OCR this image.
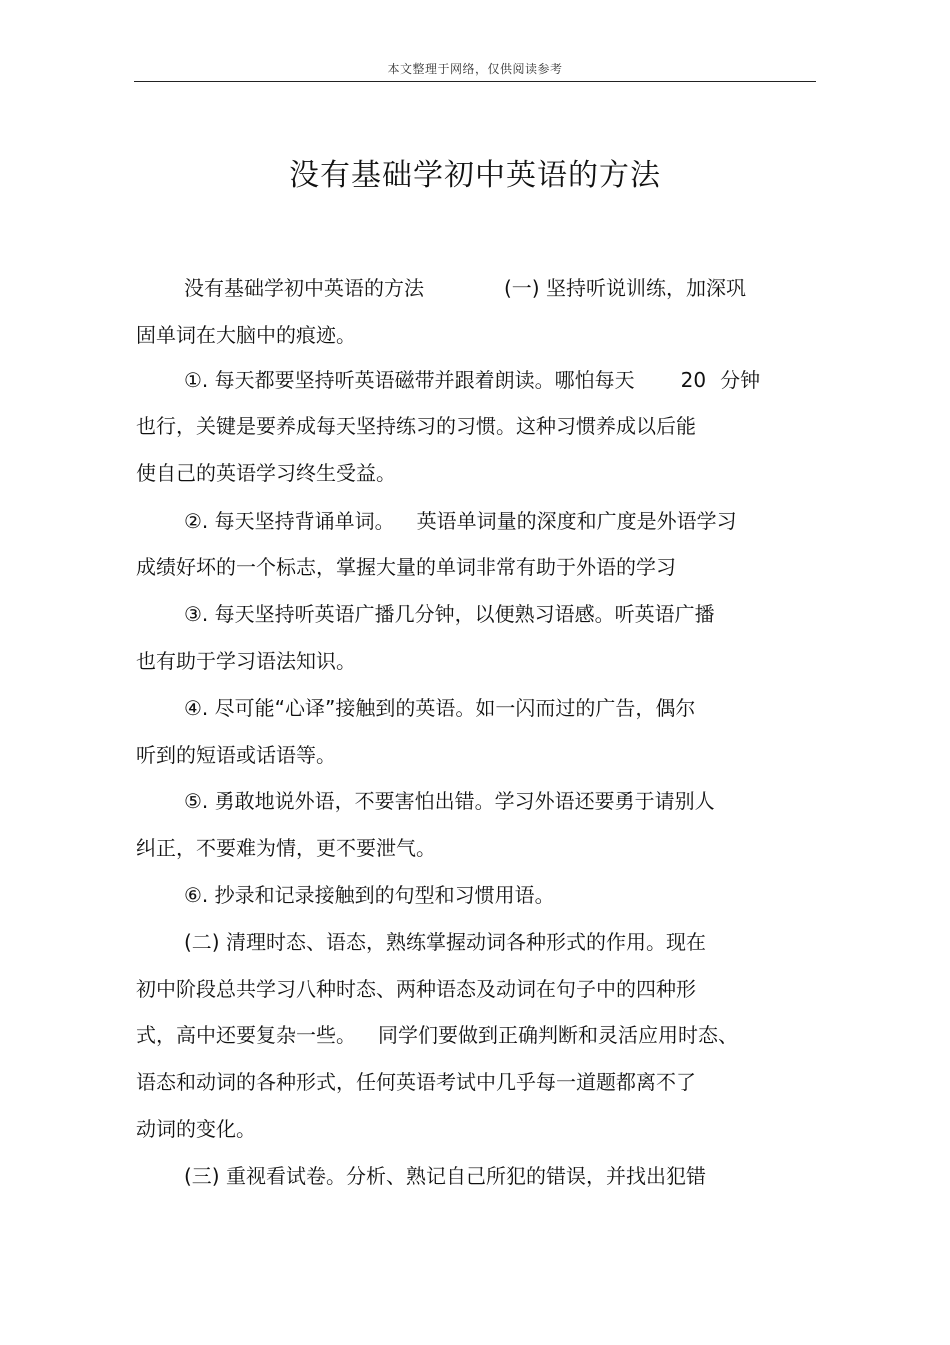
本文整理于网络，仅供阅读参考
没有基础学初中英语的方法
没有基础学初中英语的方法	(一) 坚持听说训练，加深巩
固单词在大脑中的痕迹。
①. 每天都要坚持听英语磁带并跟着朗读。哪怕每天 20 分钟
也行，关键是要养成每天坚持练习的习惯。这种习惯养成以后能
使自己的英语学习终生受益。
②. 每天坚持背诵单词。 英语单词量的深度和广度是外语学习
成绩好坏的一个标志，掌握大量的单词非常有助于外语的学习
③. 每天坚持听英语广播几分钟，以便熟习语感。听英语广播
也有助于学习语法知识。
④. 尽可能“心译”接触到的英语。如一闪而过的广告，偶尔
听到的短语或话语等。
⑤. 勇敢地说外语，不要害怕出错。学习外语还要勇于请别人
纠正，不要难为情，更不要泄气。
⑥. 抄录和记录接触到的句型和习惯用语。
(二) 清理时态、语态，熟练掌握动词各种形式的作用。现在
初中阶段总共学习八种时态、两种语态及动词在句子中的四种形
式，高中还要复杂一些。 同学们要做到正确判断和灵活应用时态、
语态和动词的各种形式，任何英语考试中几乎每一道题都离不了
动词的变化。
(三) 重视看试卷。分析、熟记自己所犯的错误，并找出犯错
